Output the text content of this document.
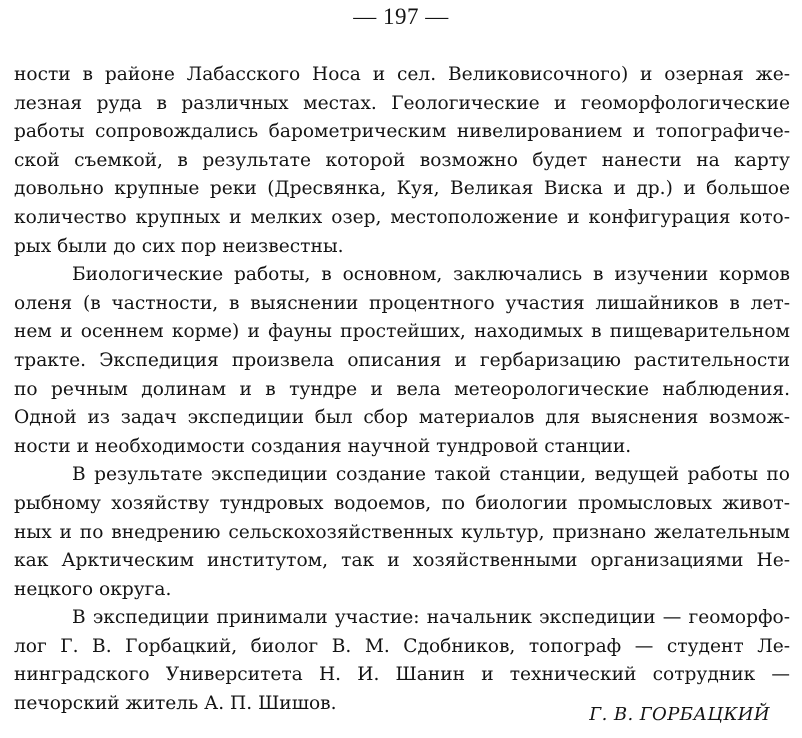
— 197 —
ности в районе Лабасского Носа и сел. Великовисочного) и озерная же-
лезная руда в различных местах. Геологические и геоморфологические
работы сопровождались барометрическим нивелированием и топографиче-
ской съемкой, в результате которой возможно будет нанести на карту
довольно крупные реки (Дресвянка, Куя, Великая Виска и др.) и большое
количество крупных и мелких озер, местоположение и конфигурация кото-
рых были до сих пор неизвестны.
Биологические работы, в основном, заключались в изучении кормов
оленя (в частности, в выяснении процентного участия лишайников в лет-
нем и осеннем корме) и фауны простейших, находимых в пищеварительном
тракте. Экспедиция произвела описания и гербаризацию растительности
по речным долинам и в тундре и вела метеорологические наблюдения.
Одной из задач экспедиции был сбор материалов для выяснения возмож-
ности и необходимости создания научной тундровой станции.
В результате экспедиции создание такой станции, ведущей работы по
рыбному хозяйству тундровых водоемов, по биологии промысловых живот-
ных и по внедрению сельскохозяйственных культур, признано желательным
как Арктическим институтом, так и хозяйственными организациями Не-
нецкого округа.
В экспедиции принимали участие: начальник экспедиции — геоморфо-
лог Г. В. Горбацкий, биолог В. М. Сдобников, топограф — студент Ле-
нинградского Университета Н. И. Шанин и технический сотрудник —
печорский житель А. П. Шишов.
Г. В. ГОРБАЦКИЙ
